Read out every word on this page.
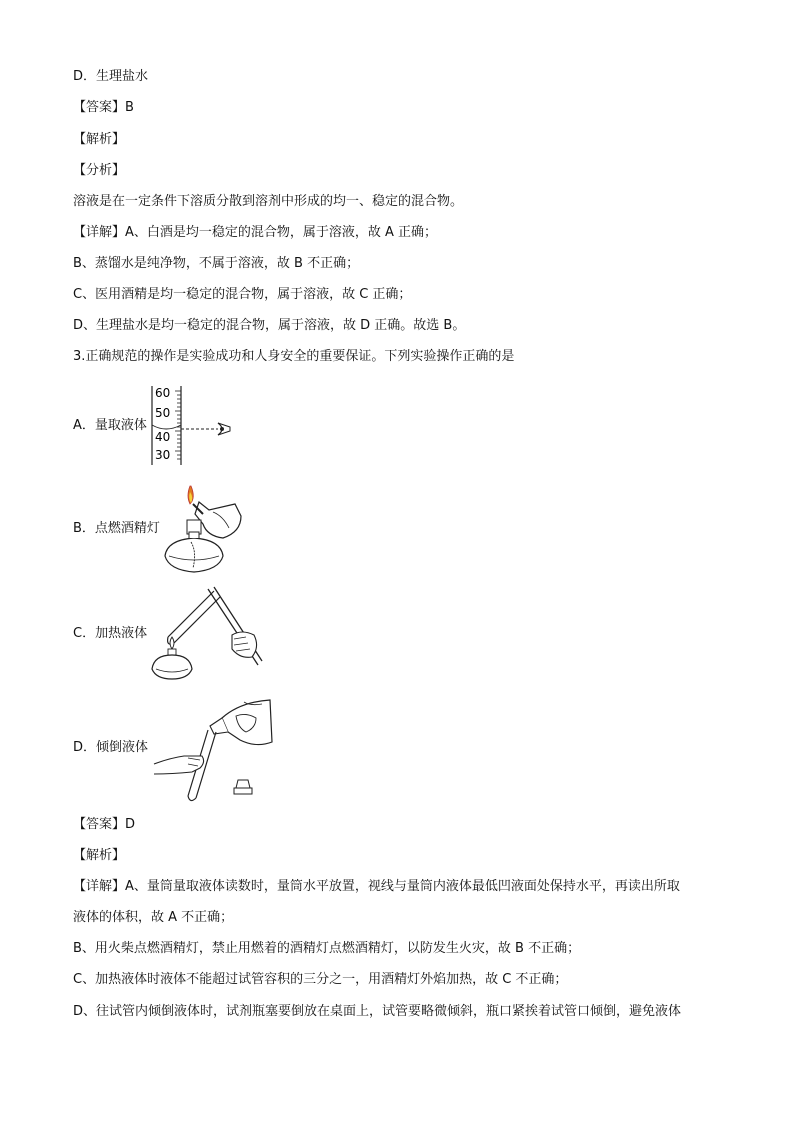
D．生理盐水
【答案】B
【解析】
【分析】
溶液是在一定条件下溶质分散到溶剂中形成的均一、稳定的混合物。
【详解】A、白酒是均一稳定的混合物，属于溶液，故 A 正确；
B、蒸馏水是纯净物，不属于溶液，故 B 不正确；
C、医用酒精是均一稳定的混合物，属于溶液，故 C 正确；
D、生理盐水是均一稳定的混合物，属于溶液，故 D 正确。故选 B。
3.正确规范的操作是实验成功和人身安全的重要保证。下列实验操作正确的是
A．量取液体
B．点燃酒精灯
C．加热液体
D．倾倒液体
60
50
40
30
【答案】D
【解析】
【详解】A、量筒量取液体读数时，量筒水平放置，视线与量筒内液体最低凹液面处保持水平，再读出所取
液体的体积，故 A 不正确；
B、用火柴点燃酒精灯，禁止用燃着的酒精灯点燃酒精灯，以防发生火灾，故 B 不正确；
C、加热液体时液体不能超过试管容积的三分之一，用酒精灯外焰加热，故 C 不正确；
D、往试管内倾倒液体时，试剂瓶塞要倒放在桌面上，试管要略微倾斜，瓶口紧挨着试管口倾倒，避免液体
